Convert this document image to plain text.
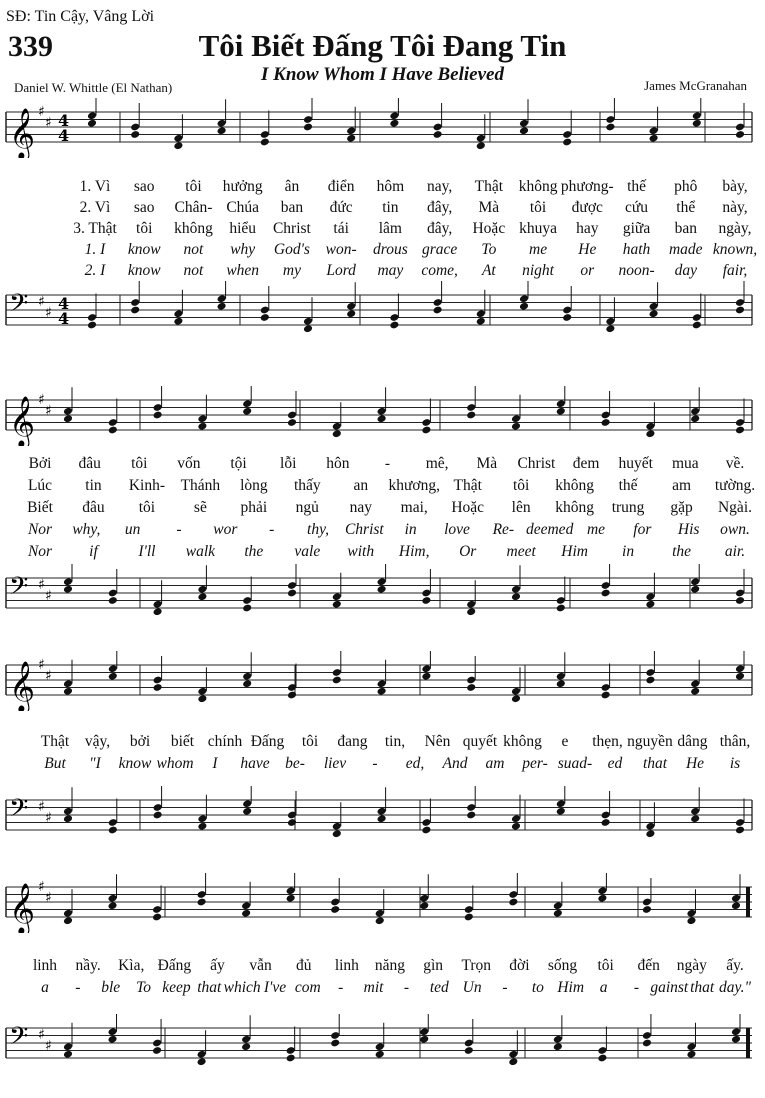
SĐ: Tin Cậy, Vâng Lời
339	Tôi Biết Đấng Tôi Đang Tin
I Know Whom I Have Believed
Daniel W. Whittle (El Nathan)	James McGranahan
𝄞 ♯
♯ 4
4
𝄢 ♯
♯ 4
4
1. Vì sao tôi hưởng ân điển hôm nay, Thật không phương- thế phô bày,
2. Vì sao Chân- Chúa ban đức tin đây, Mà tôi được cứu thể này,
3. Thật tôi không hiểu Christ tái lâm đây, Hoặc khuya hay giữa ban ngày,
1. I know not why God's won- drous grace To me He hath made known,
2. I know not when my Lord may come, At night or noon- day fair,
𝄞 ♯
♯
𝄢 ♯
♯
Bởi đâu tôi vốn tội lỗi hôn - mê, Mà Christ đem huyết mua về.
Lúc tin Kinh- Thánh lòng thấy an khương, Thật tôi không thế am tường.
Biết đâu tôi	sẽ phải ngủ nay mai, Hoặc lên không trung gặp Ngài.
Nor why, un - wor - thy, Christ in love Re- deemed me for His own.
Nor if	I'll walk the vale with Him, Or meet Him in the air.
𝄞 ♯
♯
𝄢 ♯
♯
Thật vậy, bởi biết chính Đấng tôi đang tin, Nên quyết không e thẹn, nguyền dâng thân,
But "I know whom I have be- liev - ed, And am per- suad- ed that He is
𝄞 ♯
♯
𝄢 ♯
♯
linh nầy. Kìa, Đấng ấy vẫn đủ linh năng gìn Trọn đời sống tôi đến ngày ấy.
a - ble To keep that which I've com - mit - ted Un - to Him a - gainst that day."
